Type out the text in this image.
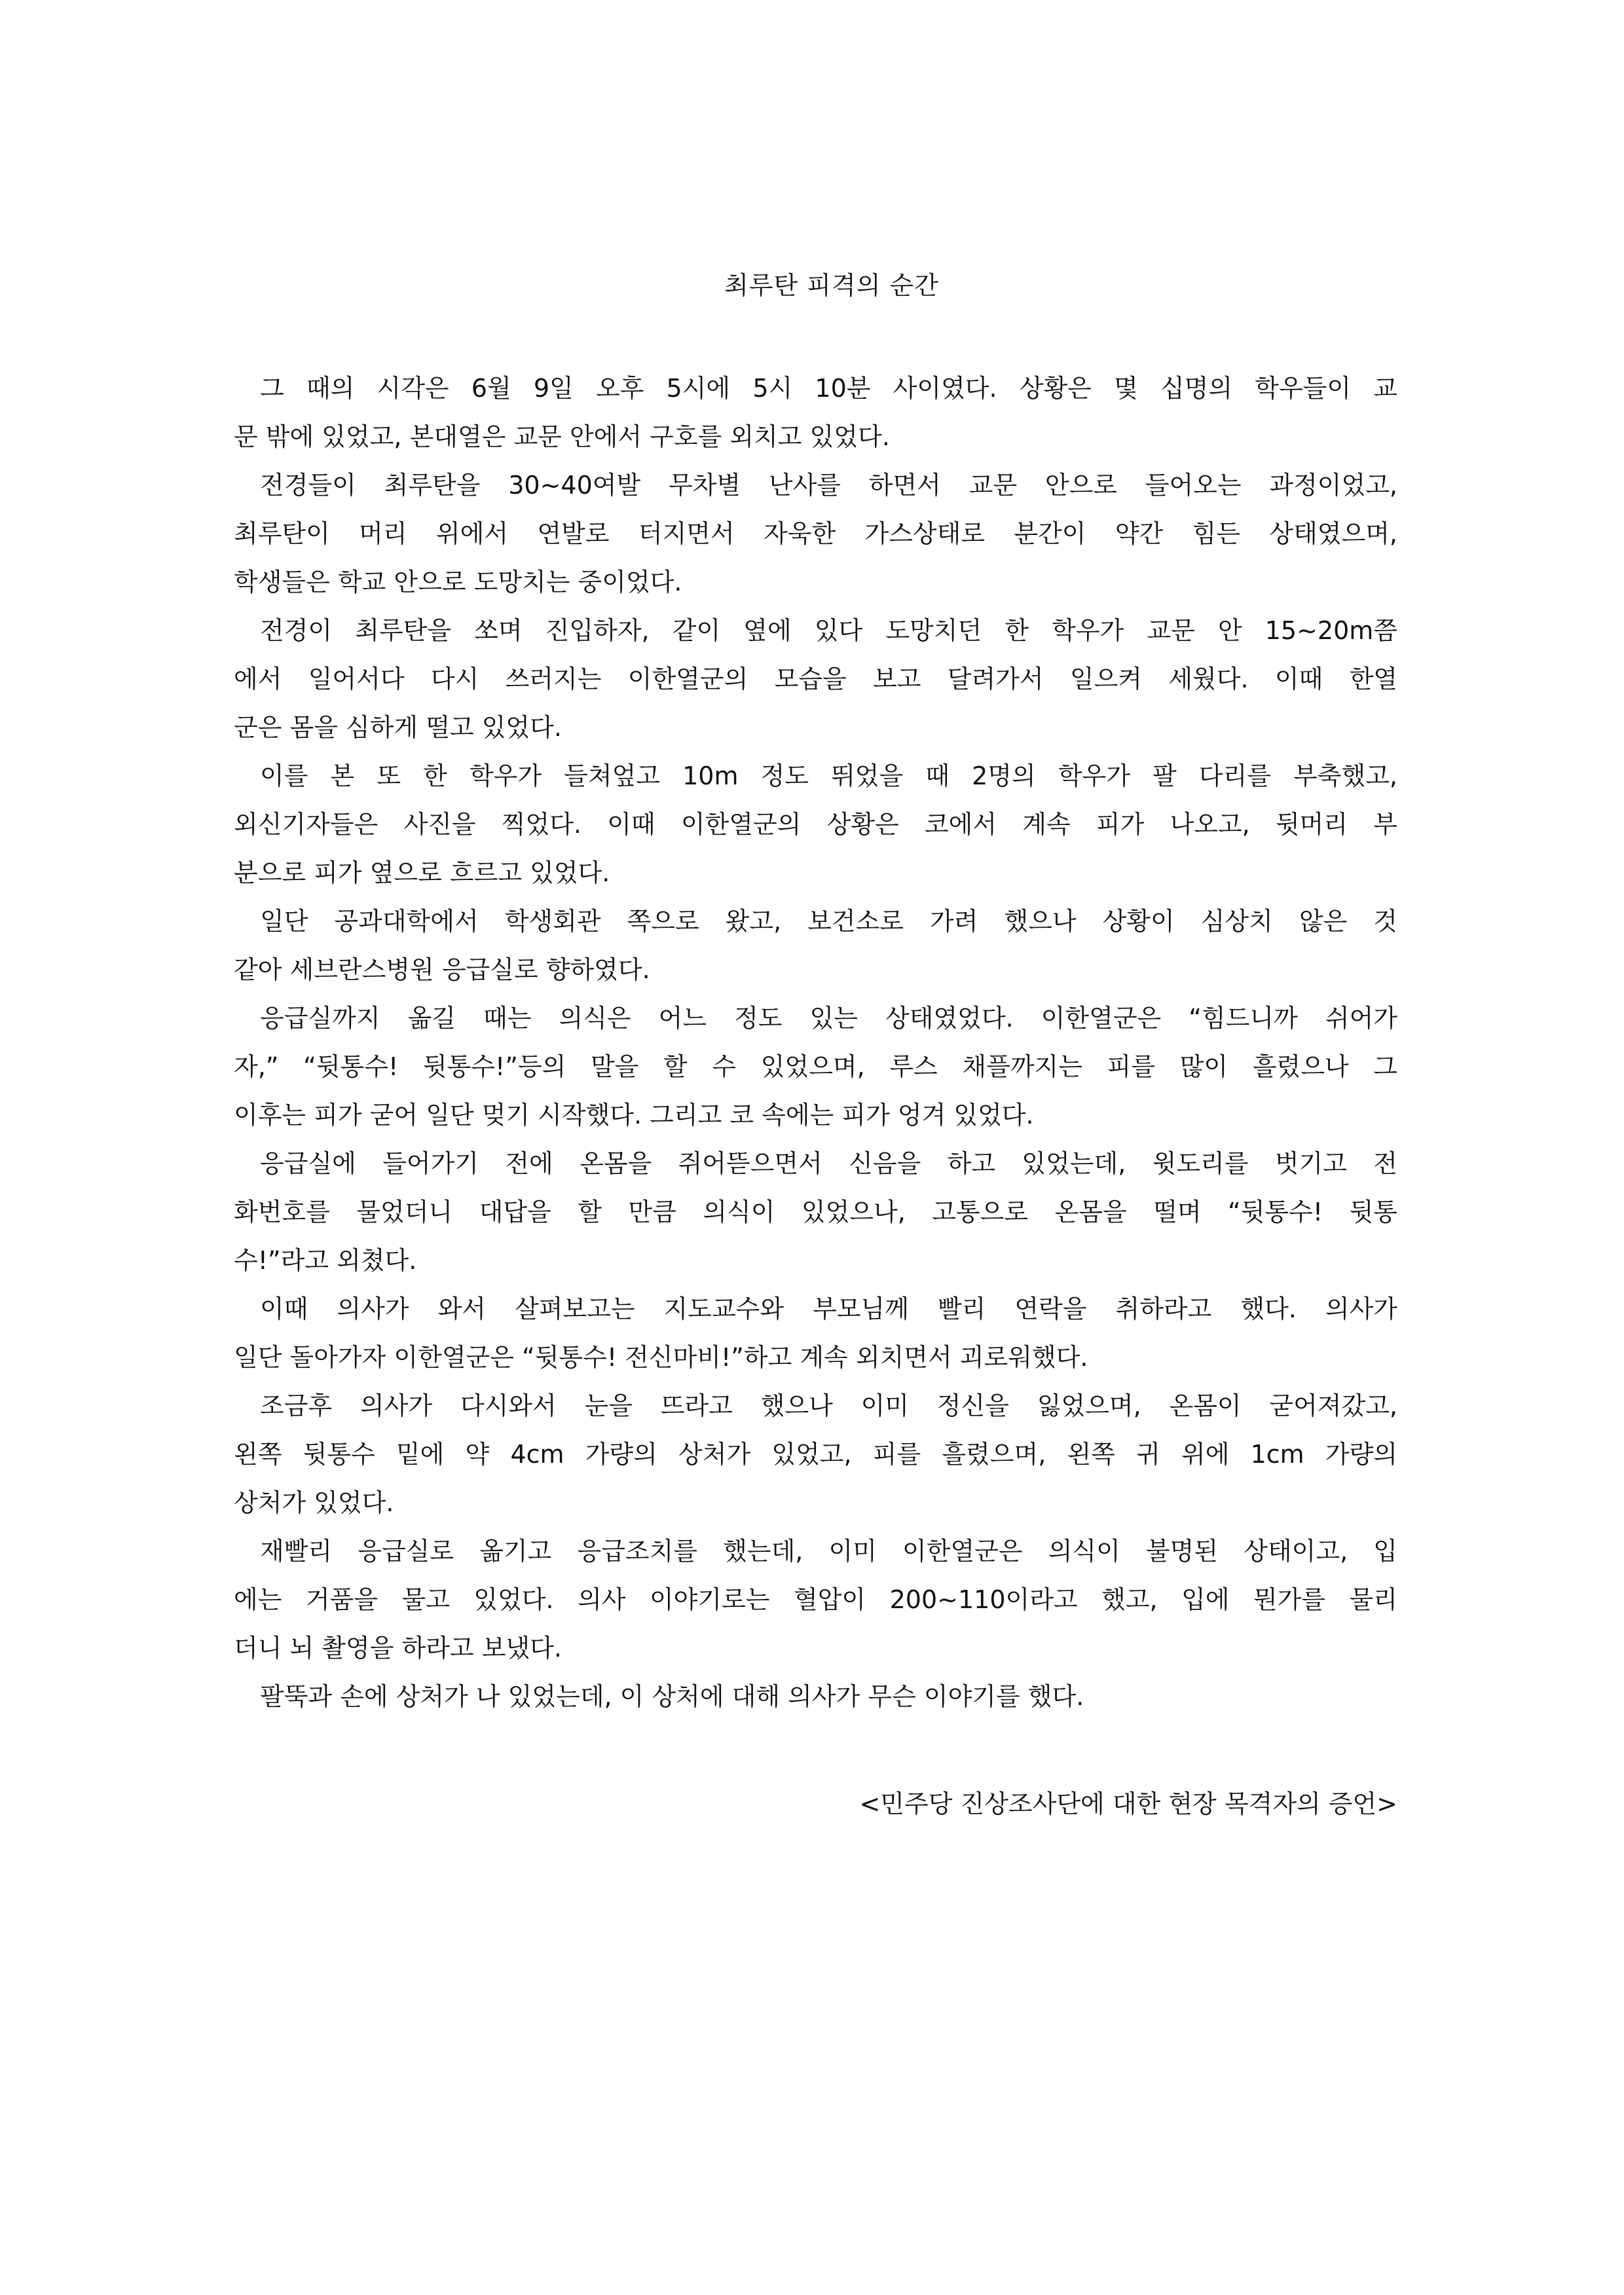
최루탄 피격의 순간
그 때의 시각은 6월 9일 오후 5시에 5시 10분 사이였다. 상황은 몇 십명의 학우들이 교
문 밖에 있었고, 본대열은 교문 안에서 구호를 외치고 있었다.
전경들이 최루탄을 30~40여발 무차별 난사를 하면서 교문 안으로 들어오는 과정이었고,
최루탄이 머리 위에서 연발로 터지면서 자욱한 가스상태로 분간이 약간 힘든 상태였으며,
학생들은 학교 안으로 도망치는 중이었다.
전경이 최루탄을 쏘며 진입하자, 같이 옆에 있다 도망치던 한 학우가 교문 안 15~20m쯤
에서 일어서다 다시 쓰러지는 이한열군의 모습을 보고 달려가서 일으켜 세웠다. 이때 한열
군은 몸을 심하게 떨고 있었다.
이를 본 또 한 학우가 들쳐엎고 10m 정도 뛰었을 때 2명의 학우가 팔 다리를 부축했고,
외신기자들은 사진을 찍었다. 이때 이한열군의 상황은 코에서 계속 피가 나오고, 뒷머리 부
분으로 피가 옆으로 흐르고 있었다.
일단 공과대학에서 학생회관 쪽으로 왔고, 보건소로 가려 했으나 상황이 심상치 않은 것
같아 세브란스병원 응급실로 향하였다.
응급실까지 옮길 때는 의식은 어느 정도 있는 상태였었다. 이한열군은 “힘드니까 쉬어가
자,” “뒷통수! 뒷통수!”등의 말을 할 수 있었으며, 루스 채플까지는 피를 많이 흘렸으나 그
이후는 피가 굳어 일단 멎기 시작했다. 그리고 코 속에는 피가 엉겨 있었다.
응급실에 들어가기 전에 온몸을 쥐어뜯으면서 신음을 하고 있었는데, 윗도리를 벗기고 전
화번호를 물었더니 대답을 할 만큼 의식이 있었으나, 고통으로 온몸을 떨며 “뒷통수! 뒷통
수!”라고 외쳤다.
이때 의사가 와서 살펴보고는 지도교수와 부모님께 빨리 연락을 취하라고 했다. 의사가
일단 돌아가자 이한열군은 “뒷통수! 전신마비!”하고 계속 외치면서 괴로워했다.
조금후 의사가 다시와서 눈을 뜨라고 했으나 이미 정신을 잃었으며, 온몸이 굳어져갔고,
왼쪽 뒷통수 밑에 약 4cm 가량의 상처가 있었고, 피를 흘렸으며, 왼쪽 귀 위에 1cm 가량의
상처가 있었다.
재빨리 응급실로 옮기고 응급조치를 했는데, 이미 이한열군은 의식이 불명된 상태이고, 입
에는 거품을 물고 있었다. 의사 이야기로는 혈압이 200~110이라고 했고, 입에 뭔가를 물리
더니 뇌 촬영을 하라고 보냈다.
팔뚝과 손에 상처가 나 있었는데, 이 상처에 대해 의사가 무슨 이야기를 했다.
<민주당 진상조사단에 대한 현장 목격자의 증언>
